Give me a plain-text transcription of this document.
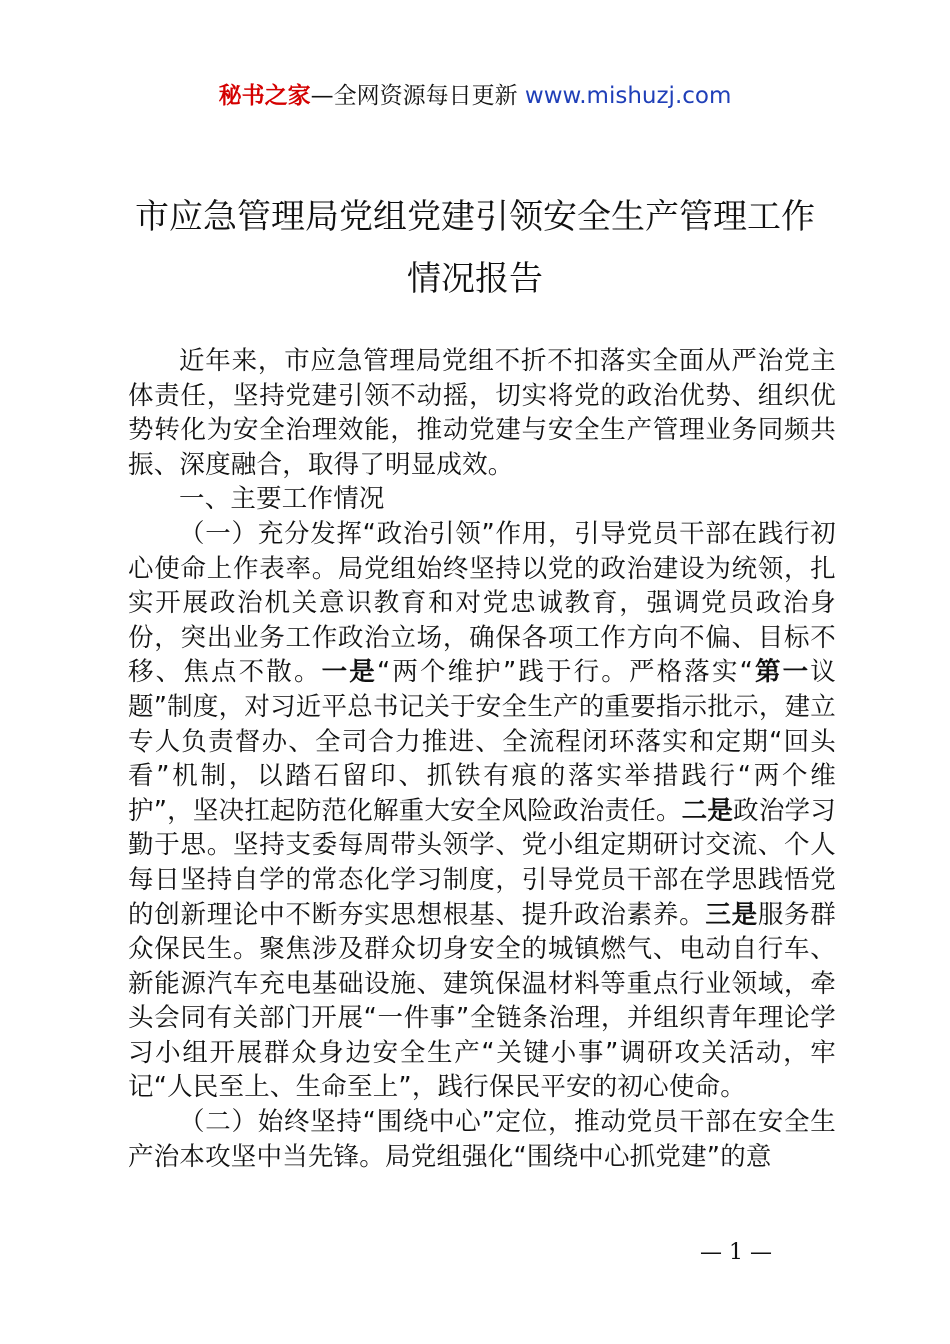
秘书之家—全网资源每日更新 www.mishuzj.com
市应急管理局党组党建引领安全生产管理工作
情况报告

近年来，市应急管理局党组不折不扣落实全面从严治党主体责任，坚持党建引领不动摇，切实将党的政治优势、组织优势转化为安全治理效能，推动党建与安全生产管理业务同频共振、深度融合，取得了明显成效。

一、主要工作情况

（一）充分发挥“政治引领”作用，引导党员干部在践行初心使命上作表率。局党组始终坚持以党的政治建设为统领，扎实开展政治机关意识教育和对党忠诚教育，强调党员政治身份，突出业务工作政治立场，确保各项工作方向不偏、目标不移、焦点不散。一是“两个维护”践于行。严格落实“第一议题”制度，对习近平总书记关于安全生产的重要指示批示，建立专人负责督办、全司合力推进、全流程闭环落实和定期“回头看”机制，以踏石留印、抓铁有痕的落实举措践行“两个维护”，坚决扛起防范化解重大安全风险政治责任。二是政治学习勤于思。坚持支委每周带头领学、党小组定期研讨交流、个人每日坚持自学的常态化学习制度，引导党员干部在学思践悟党的创新理论中不断夯实思想根基、提升政治素养。三是服务群众保民生。聚焦涉及群众切身安全的城镇燃气、电动自行车、新能源汽车充电基础设施、建筑保温材料等重点行业领域，牵头会同有关部门开展“一件事”全链条治理，并组织青年理论学习小组开展群众身边安全生产“关键小事”调研攻关活动，牢记“人民至上、生命至上”，践行保民平安的初心使命。

（二）始终坚持“围绕中心”定位，推动党员干部在安全生产治本攻坚中当先锋。局党组强化“围绕中心抓党建”的意

— 1 —
